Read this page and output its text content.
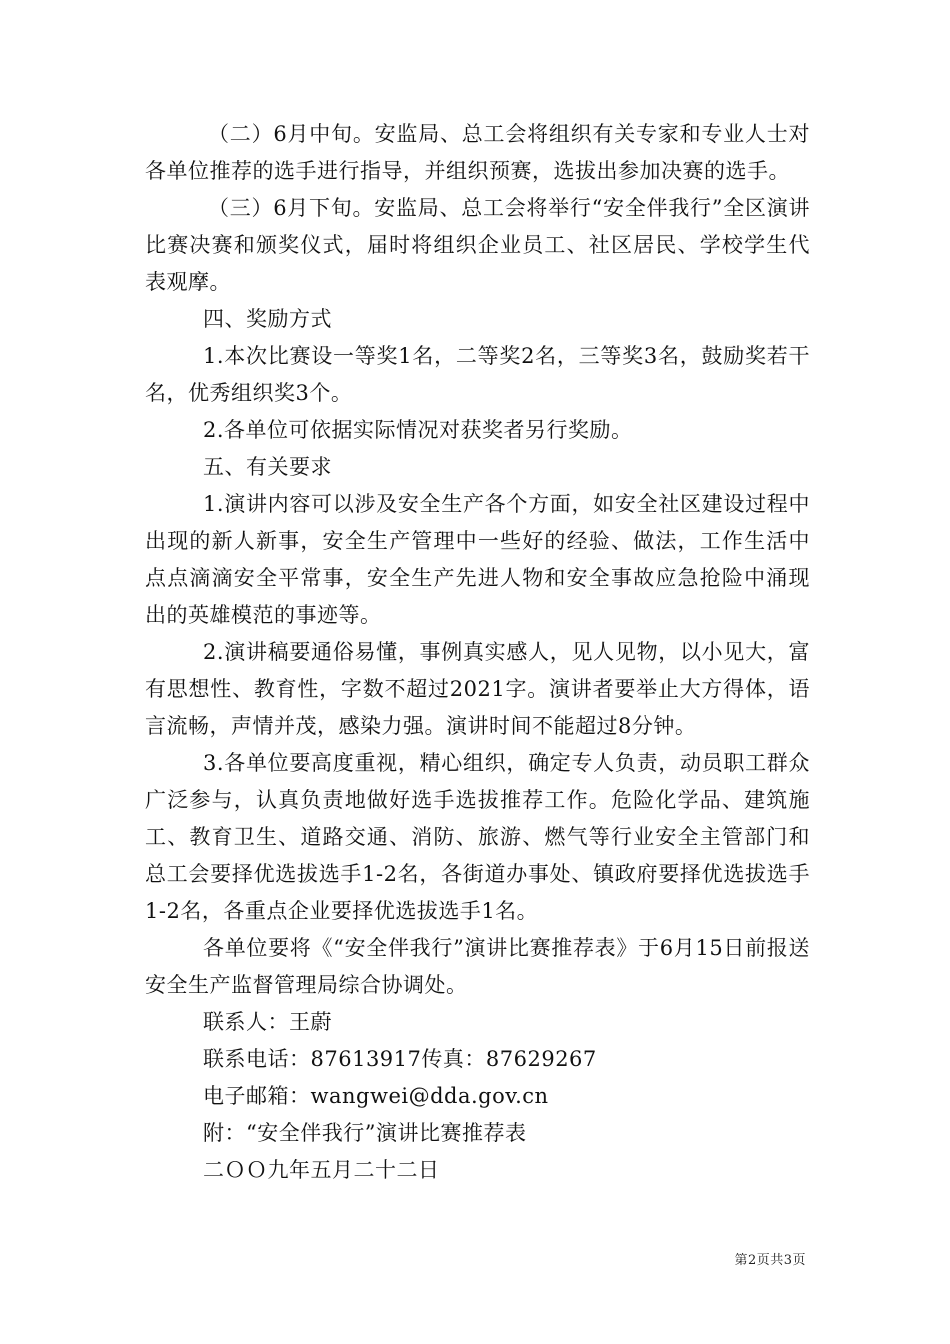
（二）6月中旬。安监局、总工会将组织有关专家和专业人士对各单位推荐的选手进行指导，并组织预赛，选拔出参加决赛的选手。

（三）6月下旬。安监局、总工会将举行“安全伴我行”全区演讲比赛决赛和颁奖仪式，届时将组织企业员工、社区居民、学校学生代表观摩。

四、奖励方式

1.本次比赛设一等奖1名，二等奖2名，三等奖3名，鼓励奖若干名，优秀组织奖3个。

2.各单位可依据实际情况对获奖者另行奖励。

五、有关要求

1.演讲内容可以涉及安全生产各个方面，如安全社区建设过程中出现的新人新事，安全生产管理中一些好的经验、做法，工作生活中点点滴滴安全平常事，安全生产先进人物和安全事故应急抢险中涌现出的英雄模范的事迹等。

2.演讲稿要通俗易懂，事例真实感人，见人见物，以小见大，富有思想性、教育性，字数不超过2021字。演讲者要举止大方得体，语言流畅，声情并茂，感染力强。演讲时间不能超过8分钟。

3.各单位要高度重视，精心组织，确定专人负责，动员职工群众广泛参与，认真负责地做好选手选拔推荐工作。危险化学品、建筑施工、教育卫生、道路交通、消防、旅游、燃气等行业安全主管部门和总工会要择优选拔选手1-2名，各街道办事处、镇政府要择优选拔选手1-2名，各重点企业要择优选拔选手1名。

各单位要将《“安全伴我行”演讲比赛推荐表》于6月15日前报送安全生产监督管理局综合协调处。

联系人：王蔚

联系电话：87613917传真：87629267

电子邮箱：wangwei@dda.gov.cn

附：“安全伴我行”演讲比赛推荐表

二ＯＯ九年五月二十二日

第2页共3页
